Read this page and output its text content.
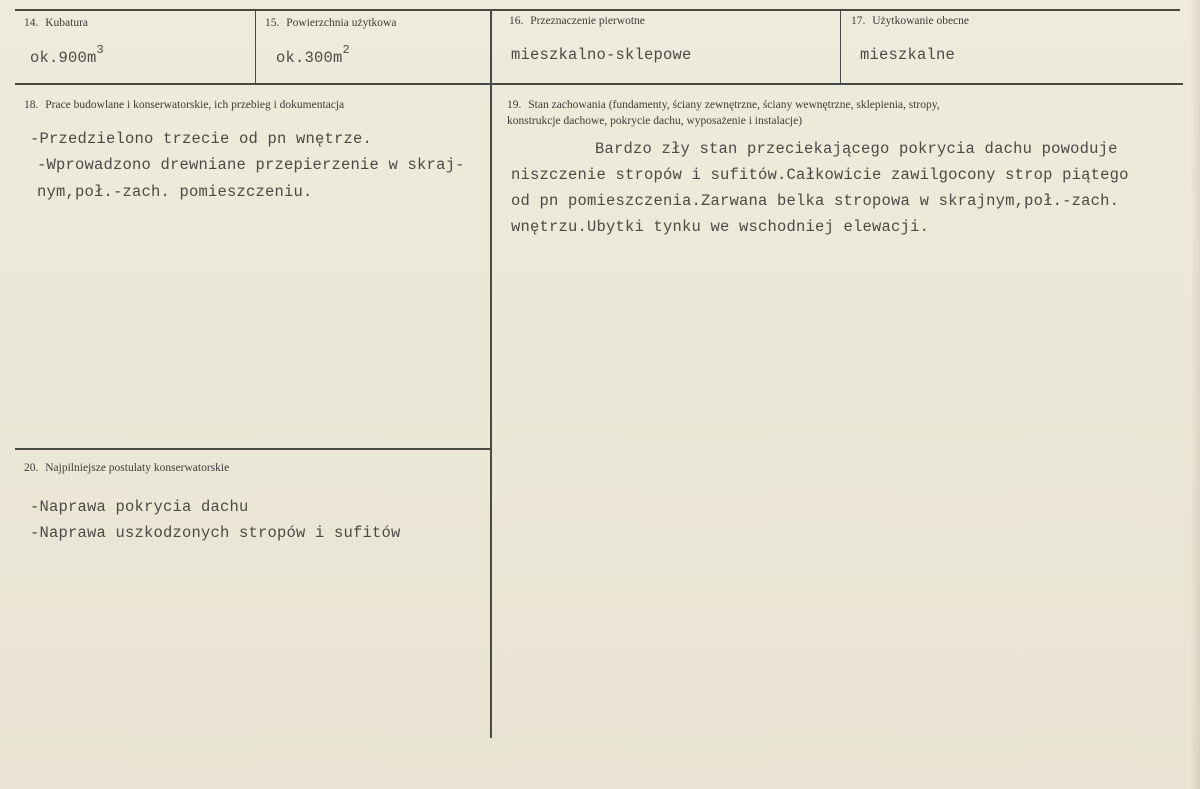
14. Kubatura
$ok.900m^3$
15. Powierzchnia użytkowa
$ok.300m^2$
16. Przeznaczenie pierwotne
mieszkalno-sklepowe
17. Użytkowanie obecne
mieszkalne
18. Prace budowlane i konserwatorskie, ich przebieg i dokumentacja
-Przedzielono trzecie od pn wnętrze.
-Wprowadzono drewniane przepierzenie w skraj-
nym,poł.-zach. pomieszczeniu.
19. Stan zachowania (fundamenty, ściany zewnętrzne, ściany wewnętrzne, sklepienia, stropy,
konstrukcje dachowe, pokrycie dachu, wyposażenie i instalacje)
Bardzo zły stan przeciekającego pokrycia dachu powoduje
niszczenie stropów i sufitów.Całkowicie zawilgocony strop piątego
od pn pomieszczenia.Zarwana belka stropowa w skrajnym,poł.-zach.
wnętrzu.Ubytki tynku we wschodniej elewacji.
20. Najpilniejsze postulaty konserwatorskie
-Naprawa pokrycia dachu
-Naprawa uszkodzonych stropów i sufitów
